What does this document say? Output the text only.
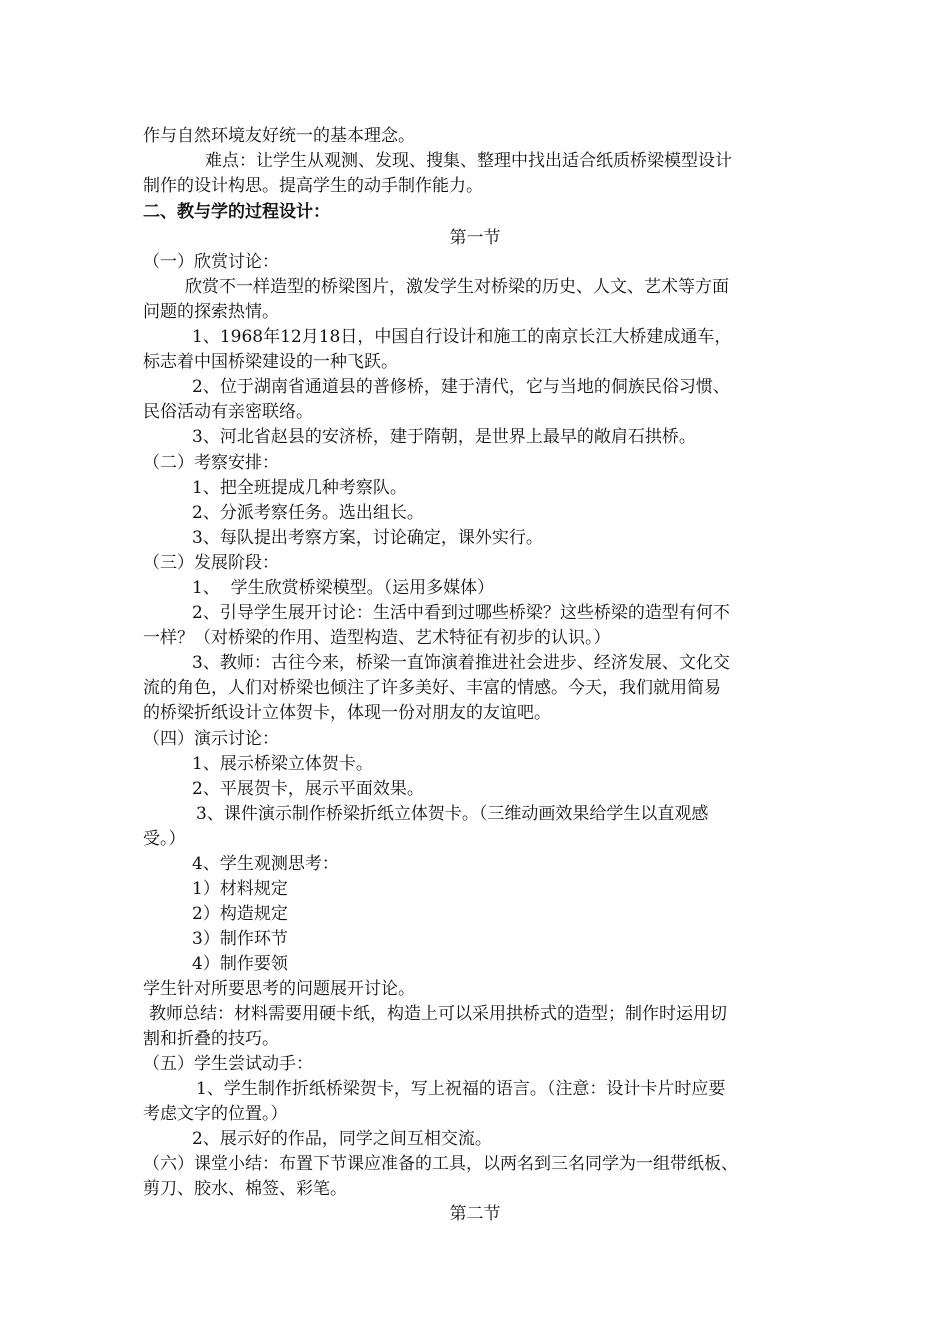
作与自然环境友好统一的基本理念。
难点：让学生从观测、发现、搜集、整理中找出适合纸质桥梁模型设计
制作的设计构思。提高学生的动手制作能力。
二、教与学的过程设计：
第一节
（一）欣赏讨论：
欣赏不一样造型的桥梁图片，激发学生对桥梁的历史、人文、艺术等方面
问题的探索热情。
1、1968年12月18日，中国自行设计和施工的南京长江大桥建成通车，
标志着中国桥梁建设的一种飞跃。
2、位于湖南省通道县的普修桥，建于清代，它与当地的侗族民俗习惯、
民俗活动有亲密联络。
3、河北省赵县的安济桥，建于隋朝，是世界上最早的敞肩石拱桥。
（二）考察安排：
1、把全班提成几种考察队。
2、分派考察任务。选出组长。
3、每队提出考察方案，讨论确定，课外实行。
（三）发展阶段：
1、  学生欣赏桥梁模型。（运用多媒体）
2、引导学生展开讨论：生活中看到过哪些桥梁？这些桥梁的造型有何不
一样？（对桥梁的作用、造型构造、艺术特征有初步的认识。）
3、教师：古往今来，桥梁一直饰演着推进社会进步、经济发展、文化交
流的角色，人们对桥梁也倾注了许多美好、丰富的情感。今天，我们就用简易
的桥梁折纸设计立体贺卡，体现一份对朋友的友谊吧。
（四）演示讨论：
1、展示桥梁立体贺卡。
2、平展贺卡，展示平面效果。
3、课件演示制作桥梁折纸立体贺卡。（三维动画效果给学生以直观感
受。）
4、学生观测思考：
1）材料规定
2）构造规定
3）制作环节
4）制作要领
学生针对所要思考的问题展开讨论。
教师总结：材料需要用硬卡纸，构造上可以采用拱桥式的造型；制作时运用切
割和折叠的技巧。
（五）学生尝试动手：
1、学生制作折纸桥梁贺卡，写上祝福的语言。（注意：设计卡片时应要
考虑文字的位置。）
2、展示好的作品，同学之间互相交流。
（六）课堂小结：布置下节课应准备的工具，以两名到三名同学为一组带纸板、
剪刀、胶水、棉签、彩笔。
第二节
